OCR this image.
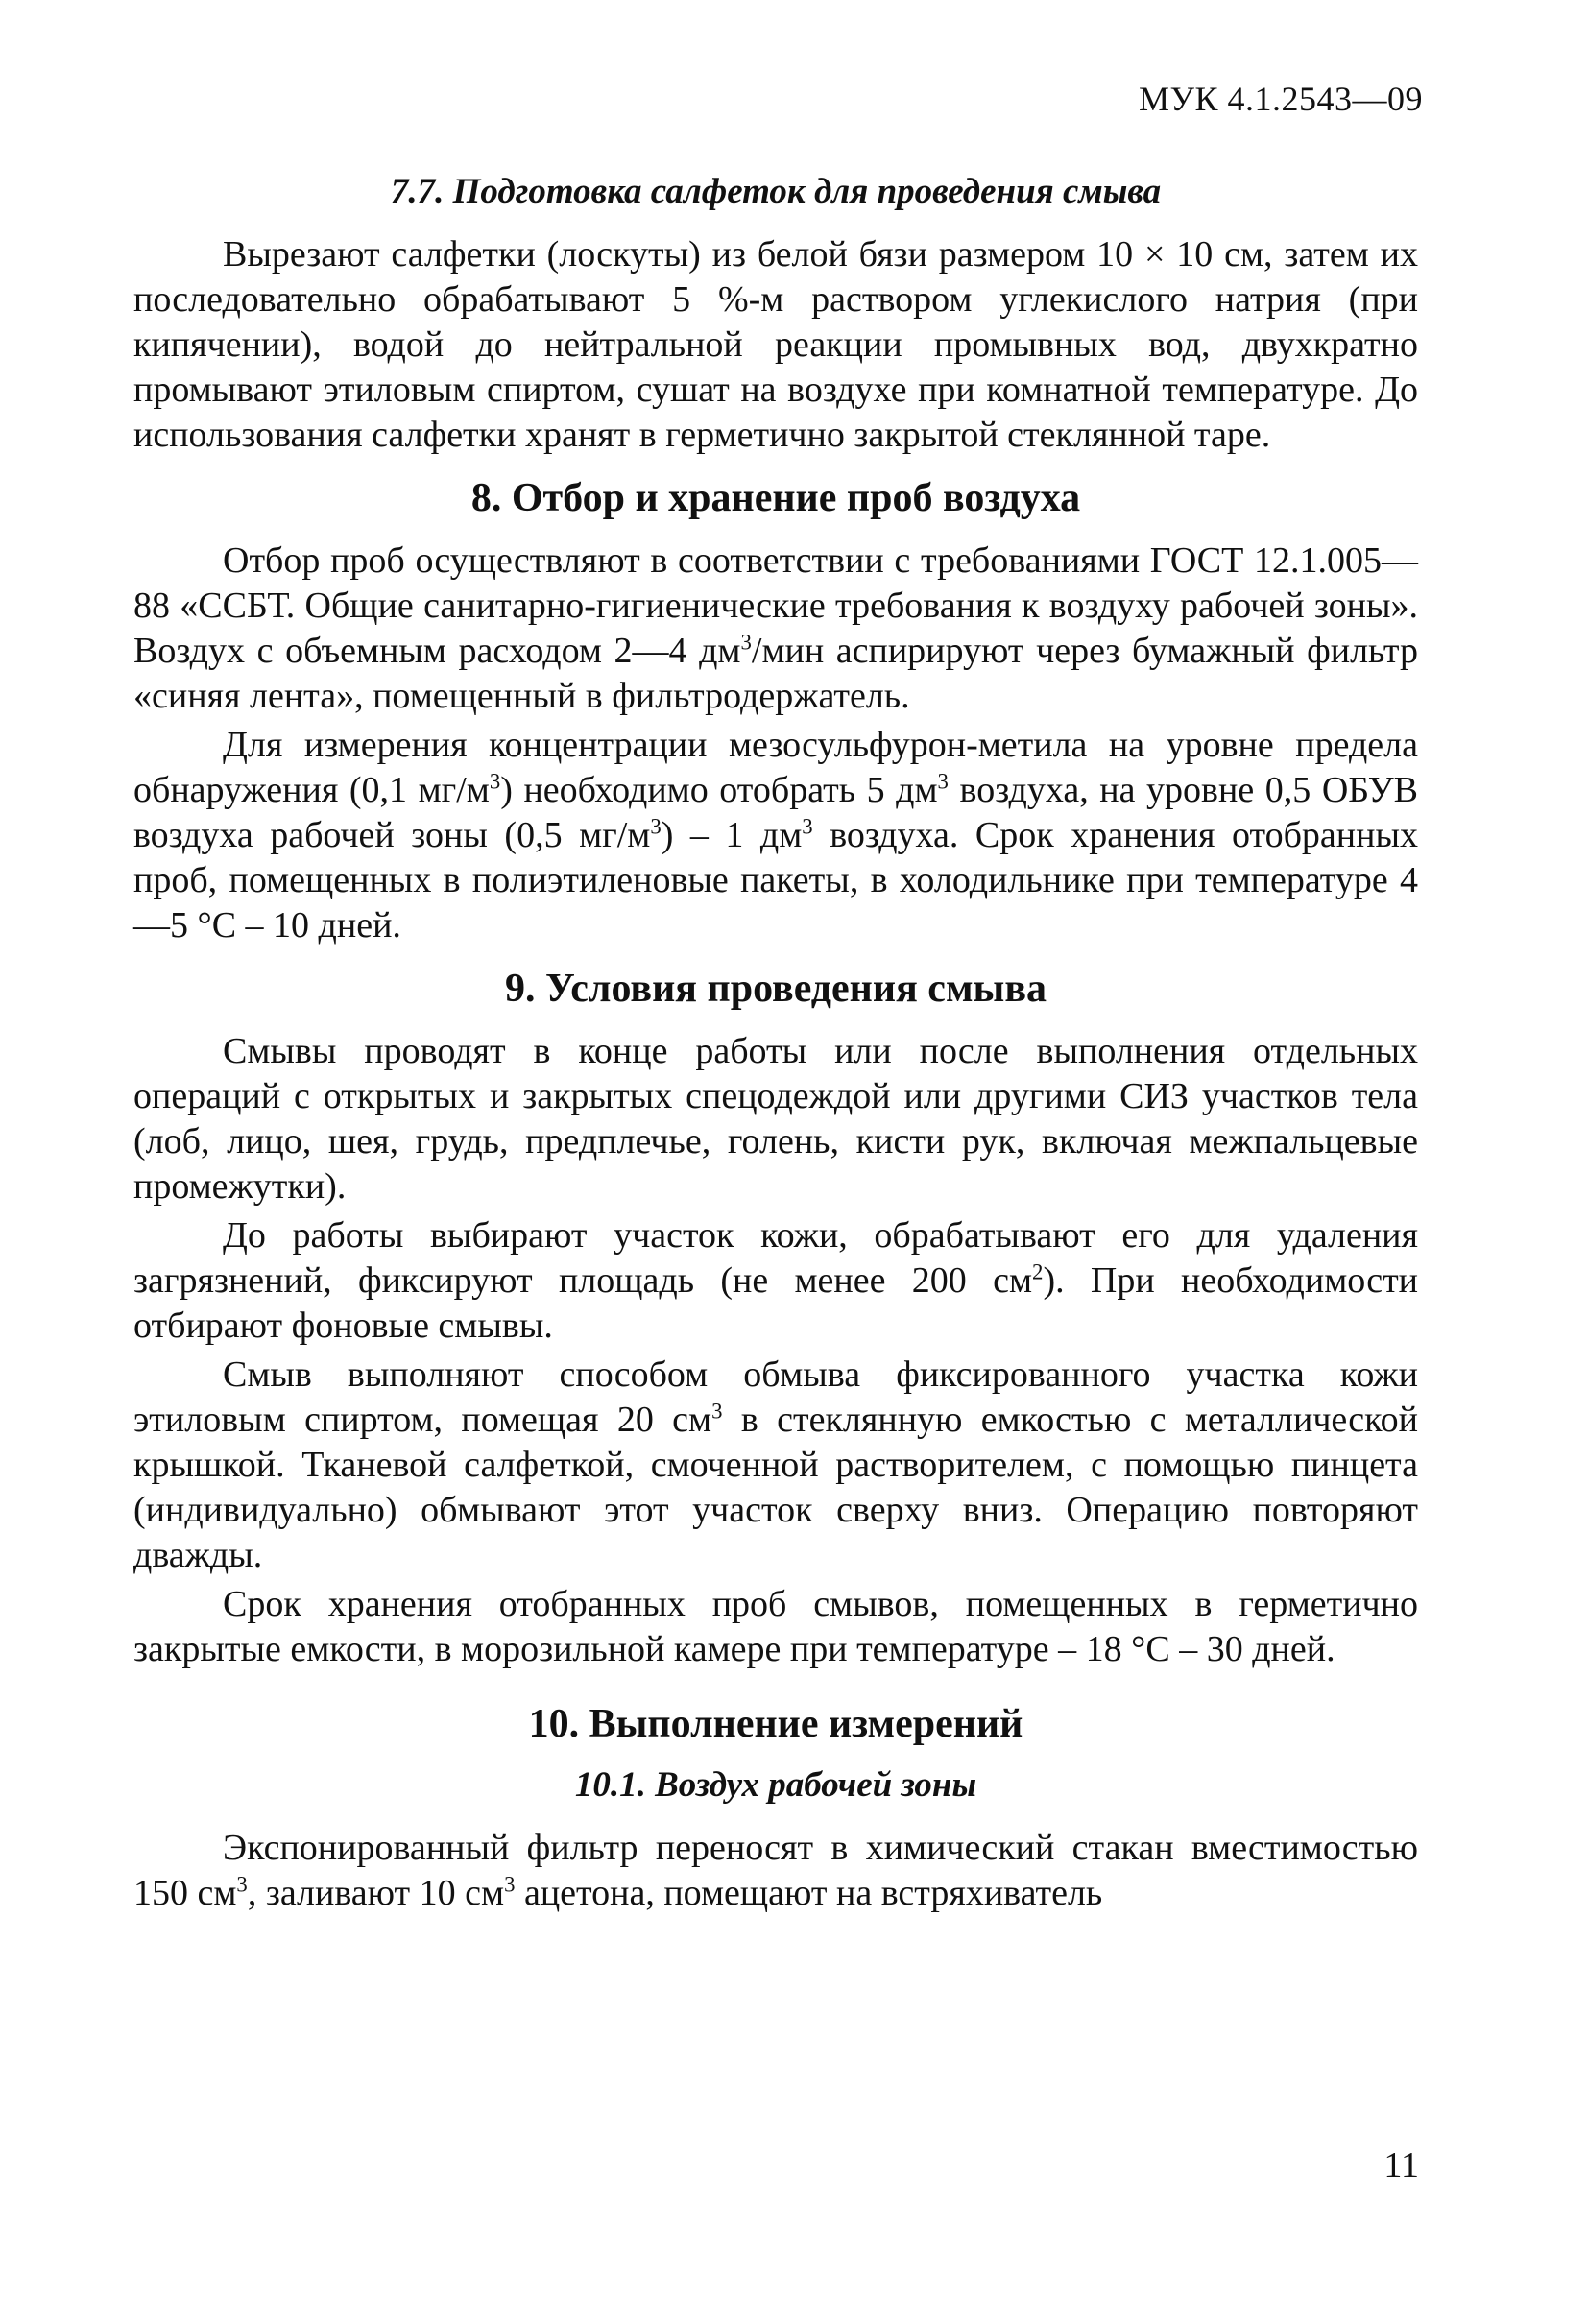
МУК 4.1.2543—09
7.7. Подготовка салфеток для проведения смыва

Вырезают салфетки (лоскуты) из белой бязи размером 10 × 10 см, затем их последовательно обрабатывают 5 %-м раствором углекислого натрия (при кипячении), водой до нейтральной реакции промывных вод, двухкратно промывают этиловым спиртом, сушат на воздухе при комнатной температуре. До использования салфетки хранят в герметично закрытой стеклянной таре.

8. Отбор и хранение проб воздуха

Отбор проб осуществляют в соответствии с требованиями ГОСТ 12.1.005—88 «ССБТ. Общие санитарно-гигиенические требования к воздуху рабочей зоны». Воздух с объемным расходом 2—4 $дм^3$/мин аспирируют через бумажный фильтр «синяя лента», помещенный в фильтродержатель.

Для измерения концентрации мезосульфурон-метила на уровне предела обнаружения (0,1 $мг/м^3$) необходимо отобрать 5 $дм^3$ воздуха, на уровне 0,5 ОБУВ воздуха рабочей зоны (0,5 $мг/м^3) - 1$ $дм^3$ воздуха. Срок хранения отобранных проб, помещенных в полиэтиленовые пакеты, в холодильнике при температуре 4—5 °С – 10 дней.

9. Условия проведения смыва

Смывы проводят в конце работы или после выполнения отдельных операций с открытых и закрытых спецодеждой или другими СИЗ участков тела (лоб, лицо, шея, грудь, предплечье, голень, кисти рук, включая межпальцевые промежутки).

До работы выбирают участок кожи, обрабатывают его для удаления загрязнений, фиксируют площадь (не менее 200 $см^2$). При необходимости отбирают фоновые смывы.

Смыв выполняют способом обмыва фиксированного участка кожи этиловым спиртом, помещая 20 $см^3$ в стеклянную емкостью с металлической крышкой. Тканевой салфеткой, смоченной растворителем, с помощью пинцета (индивидуально) обмывают этот участок сверху вниз. Операцию повторяют дважды.

Срок хранения отобранных проб смывов, помещенных в герметично закрытые емкости, в морозильной камере при температуре – 18 °С – 30 дней.

10. Выполнение измерений
10.1. Воздух рабочей зоны

Экспонированный фильтр переносят в химический стакан вместимостью 150 $см^3$, заливают 10 $см^3$ ацетона, помещают на встряхиватель

11
